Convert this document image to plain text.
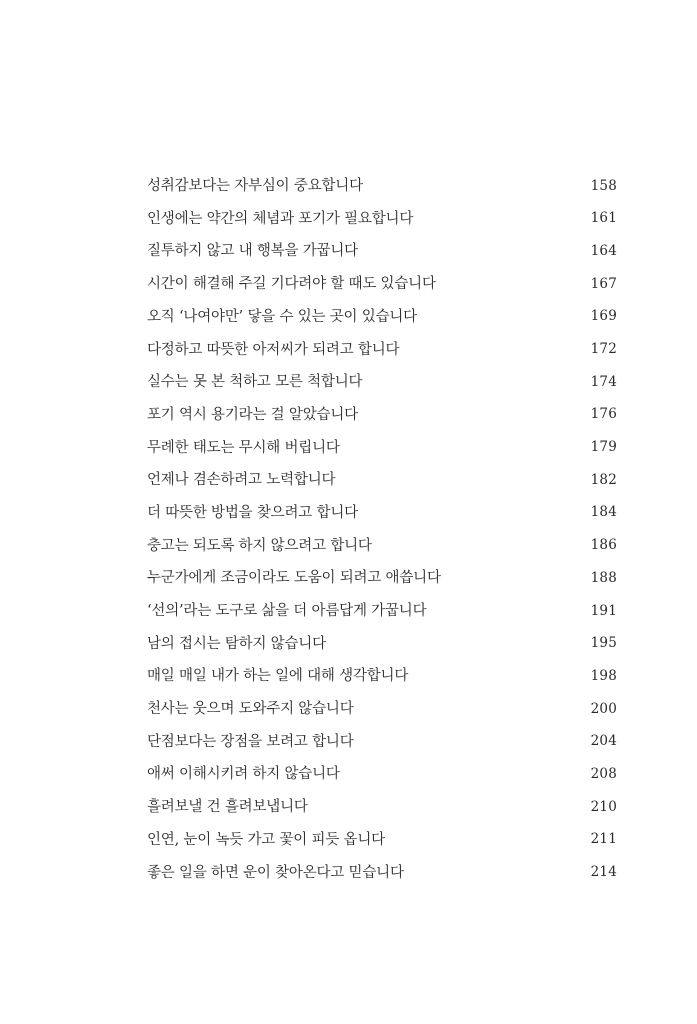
성취감보다는 자부심이 중요합니다	158
인생에는 약간의 체념과 포기가 필요합니다	161
질투하지 않고 내 행복을 가꿉니다	164
시간이 해결해 주길 기다려야 할 때도 있습니다	167
오직 ‘나여야만’ 닿을 수 있는 곳이 있습니다	169
다정하고 따뜻한 아저씨가 되려고 합니다	172
실수는 못 본 척하고 모른 척합니다	174
포기 역시 용기라는 걸 알았습니다	176
무례한 태도는 무시해 버립니다	179
언제나 겸손하려고 노력합니다	182
더 따뜻한 방법을 찾으려고 합니다	184
충고는 되도록 하지 않으려고 합니다	186
누군가에게 조금이라도 도움이 되려고 애씁니다	188
‘선의’라는 도구로 삶을 더 아름답게 가꿉니다	191
남의 접시는 탐하지 않습니다	195
매일 매일 내가 하는 일에 대해 생각합니다	198
천사는 웃으며 도와주지 않습니다	200
단점보다는 장점을 보려고 합니다	204
애써 이해시키려 하지 않습니다	208
흘려보낼 건 흘려보냅니다	210
인연, 눈이 녹듯 가고 꽃이 피듯 옵니다	211
좋은 일을 하면 운이 찾아온다고 믿습니다	214
